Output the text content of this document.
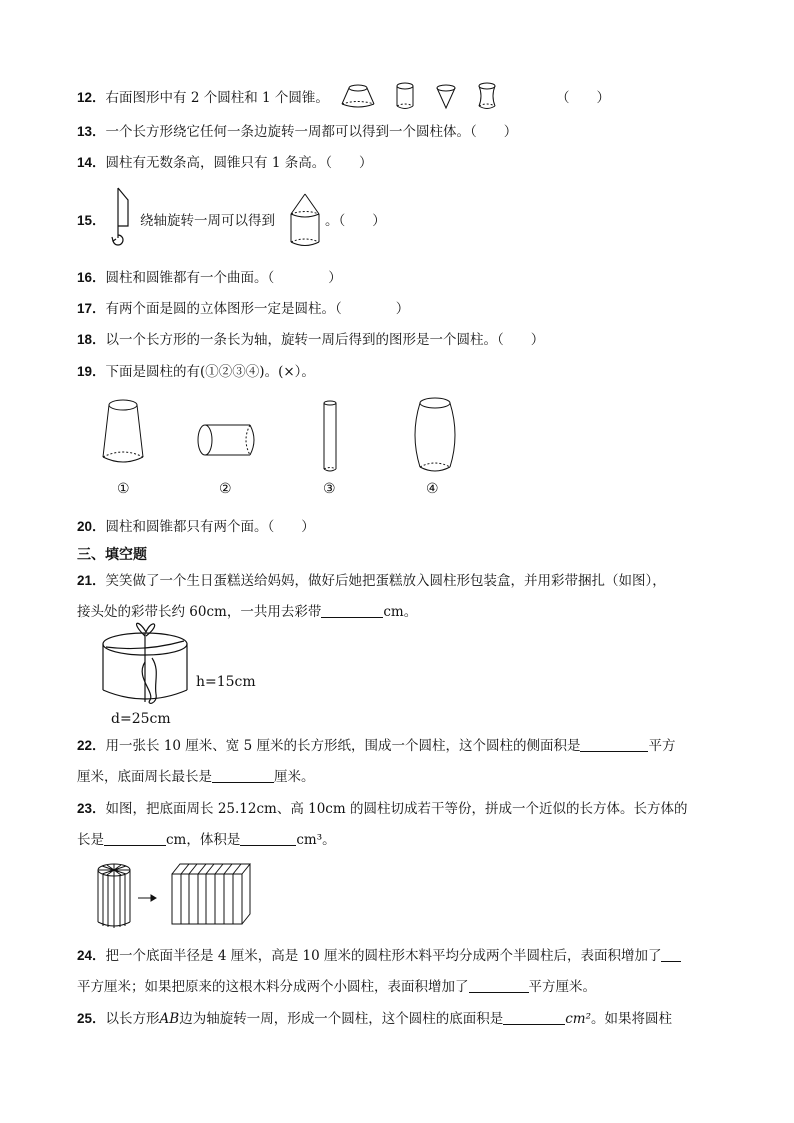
12．右面图形中有 2 个圆柱和 1 个圆锥。	（　　）
13．一个长方形绕它任何一条边旋转一周都可以得到一个圆柱体。（　　）
14．圆柱有无数条高，圆锥只有 1 条高。（　　）
15．	绕轴旋转一周可以得到	。（　　）
16．圆柱和圆锥都有一个曲面。（　　　　）
17．有两个面是圆的立体图形一定是圆柱。（　　　　）
18．以一个长方形的一条长为轴，旋转一周后得到的图形是一个圆柱。（　　）
19．下面是圆柱的有(①②③④)。(×）。
①	②	③	④
20．圆柱和圆锥都只有两个面。（　　）
三、填空题
21．笑笑做了一个生日蛋糕送给妈妈，做好后她把蛋糕放入圆柱形包装盒，并用彩带捆扎（如图），
接头处的彩带长约 60cm，一共用去彩带	cm。
h=15cm
d=25cm
22．用一张长 10 厘米、宽 5 厘米的长方形纸，围成一个圆柱，这个圆柱的侧面积是	平方
厘米，底面周长最长是	厘米。
23．如图，把底面周长 25.12cm、高 10cm 的圆柱切成若干等份，拼成一个近似的长方体。长方体的
长是	cm，体积是	cm³。
24．把一个底面半径是 4 厘米，高是 10 厘米的圆柱形木料平均分成两个半圆柱后，表面积增加了
平方厘米；如果把原来的这根木料分成两个小圆柱，表面积增加了	平方厘米。
25．以长方形AB边为轴旋转一周，形成一个圆柱，这个圆柱的底面积是	cm²。如果将圆柱
